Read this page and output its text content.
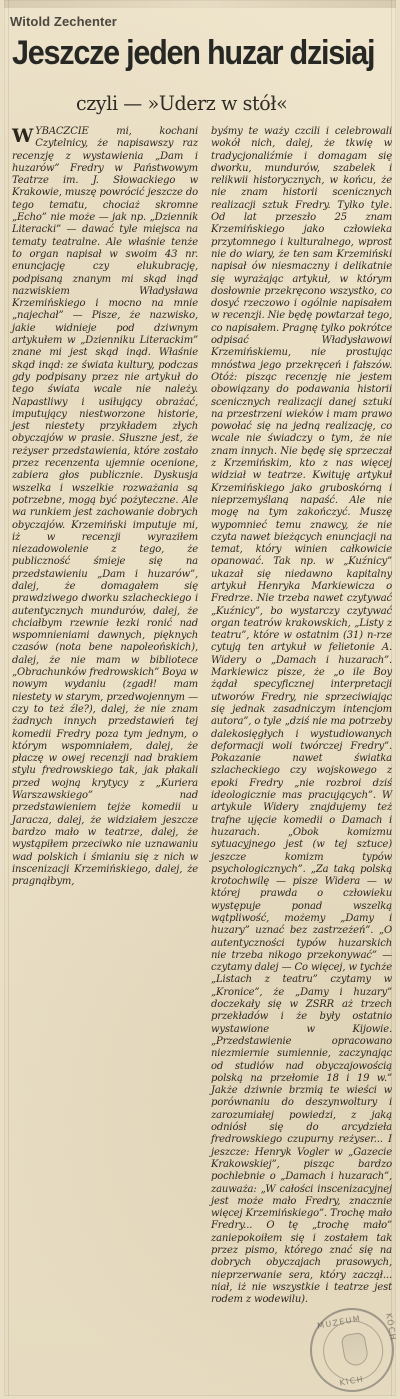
Witold Zechenter
Jeszcze jeden huzar dzisiaj
czyli — »Uderz w stół«

WYBACZCIE mi, kochani Czytelnicy, że napisawszy raz recenzję z wystawienia „Dam i huzarów” Fredry w Państwowym Teatrze im. J. Słowackiego w Krakowie, muszę powrócić jeszcze do tego tematu, chociaż skromne „Echo” nie może — jak np. „Dziennik Literacki” — dawać tyle miejsca na tematy teatralne. Ale właśnie tenże to organ napisał w swoim 43 nr. enuncjację czy elukubrację, podpisaną znanym mi skąd inąd nazwiskiem Władysława Krzemińskiego i mocno na mnie „najechał” — Pisze, że nazwisko, jakie widnieje pod dziwnym artykułem w „Dzienniku Literackim” znane mi jest skąd inąd. Właśnie skąd inąd: ze świata kultury, podczas gdy podpisany przez nie artykuł do tego świata wcale nie należy. Napastliwy i usiłujący obrażać, imputujący niestworzone historie, jest niestety przykładem złych obyczajów w prasie. Słuszne jest, że reżyser przedstawienia, które zostało przez recenzenta ujemnie ocenione, zabiera głos publicznie. Dyskusja wszelka i wszelkie rozważania są potrzebne, mogą być pożyteczne. Ale wa runkiem jest zachowanie dobrych obyczajów. Krzemiński imputuje mi, iż w recenzji wyraziłem niezadowolenie z tego, że publiczność śmieje się na przedstawieniu „Dam i huzarów”, dalej, że domagałem się prawdziwego dworku szlacheckiego i autentycznych mundurów, dalej, że chciałbym rzewnie łezki ronić nad wspomnieniami dawnych, pięknych czasów (nota bene napoleońskich), dalej, że nie mam w bibliotece „Obrachunków fredrowskich” Boya w nowym wydaniu (zgadł! mam niestety w starym, przedwojennym — czy to też źle?), dalej, że nie znam żadnych innych przedstawień tej komedii Fredry poza tym jednym, o którym wspomniałem, dalej, że płaczę w owej recenzji nad brakiem stylu fredrowskiego tak, jak płakali przed wojną krytycy z „Kuriera Warszawskiego” nad przedstawieniem tejże komedii u Jaracza, dalej, że widziałem jeszcze bardzo mało w teatrze, dalej, że wystąpiłem przeciwko nie uznawaniu wad polskich i śmianiu się z nich w inscenizacji Krzemińskiego, dalej, że pragnąłbym,

byśmy te waży czcili i celebrowali wokół nich, dalej, że tkwię w tradycjonaliźmie i domagam się dworku, mundurów, szabelek i relikwii historycznych, w końcu, że nie znam historii scenicznych realizacji sztuk Fredry. Tylko tyle. Od lat przeszło 25 znam Krzemińskiego jako człowieka przytomnego i kulturalnego, wprost nie do wiary, że ten sam Krzemiński napisał ów niesmaczny i delikatnie się wyrażając artykuł, w którym dosłownie przekręcono wszystko, co dosyć rzeczowo i ogólnie napisałem w recenzji. Nie będę powtarzał tego, co napisałem. Pragnę tylko pokrótce odpisać Władysławowi Krzemińskiemu, nie prostując mnóstwa jego przekręceń i fałszów. Otóż: pisząc recenzję nie jestem obowiązany do podawania historii scenicznych realizacji danej sztuki na przestrzeni wieków i mam prawo powołać się na jedną realizację, co wcale nie świadczy o tym, że nie znam innych. Nie będę się sprzeczał z Krzemińskim, kto z nas więcej widział w teatrze. Kwituję artykuł Krzemińskiego jako gruboskórną i nieprzemyślaną napaść. Ale nie mogę na tym zakończyć. Muszę wypomnieć temu znawcy, że nie czyta nawet bieżących enuncjacji na temat, który winien całkowicie opanować. Tak np. w „Kuźnicy” ukazał się niedawno kapitalny artykuł Henryka Markiewicza o Fredrze. Nie trzeba nawet czytywać „Kuźnicy”, bo wystarczy czytywać organ teatrów krakowskich, „Listy z teatru”, które w ostatnim (31) n-rze cytują ten artykuł w felietonie A. Widery o „Damach i huzarach”. Markiewicz pisze, że „o ile Boy żądał specyficznej interpretacji utworów Fredry, nie sprzeciwiając się jednak zasadniczym intencjom autora”, o tyle „dziś nie ma potrzeby dalekosięgłych i wystudiowanych deformacji woli twórczej Fredry”. Pokazanie nawet światka szlacheckiego czy wojskowego z epoki Fredry „nie rozbroi dziś ideologicznie mas pracujących”. W artykule Widery znajdujemy też trafne ujęcie komedii o Damach i huzarach. „Obok komizmu sytuacyjnego jest (w tej sztuce) jeszcze komizm typów psychologicznych”. „Za taką polską krotochwilę — pisze Widera — w której prawda o człowieku występuje ponad wszelką wątpliwość, możemy „Damy i huzary” uznać bez zastrzeżeń”. „O autentyczności typów huzarskich nie trzeba nikogo przekonywać” — czytamy dalej — Co więcej, w tychże „Listach z teatru” czytamy w „Kronice”, że „Damy i huzary” doczekały się w ZSRR aż trzech przekładów i że były ostatnio wystawione w Kijowie. „Przedstawienie opracowano niezmiernie sumiennie, zaczynając od studiów nad obyczajowością polską na przełomie 18 i 19 w.” Jakże dziwnie brzmią te wieści w porównaniu do deszynwoltury i zarozumiałej powiedzi, z jaką odniósł się do arcydzieła fredrowskiego czupurny reżyser... I jeszcze: Henryk Vogler w „Gazecie Krakowskiej”, pisząc bardzo pochlebnie o „Damach i huzarach”, zauważa: „W całości inscenizacyjnej jest może mało Fredry, znacznie więcej Krzemińskiego”. Trochę mało Fredry... O tę „trochę mało” zaniepokoiłem się i zostałem tak przez pismo, którego znać się na dobrych obyczajach prasowych, nieprzerwanie sera, który zaczął... niał, iż nie wszystkie i teatrze jest rodem z wodewilu).

MUZEUM	KÓCH
KICH
